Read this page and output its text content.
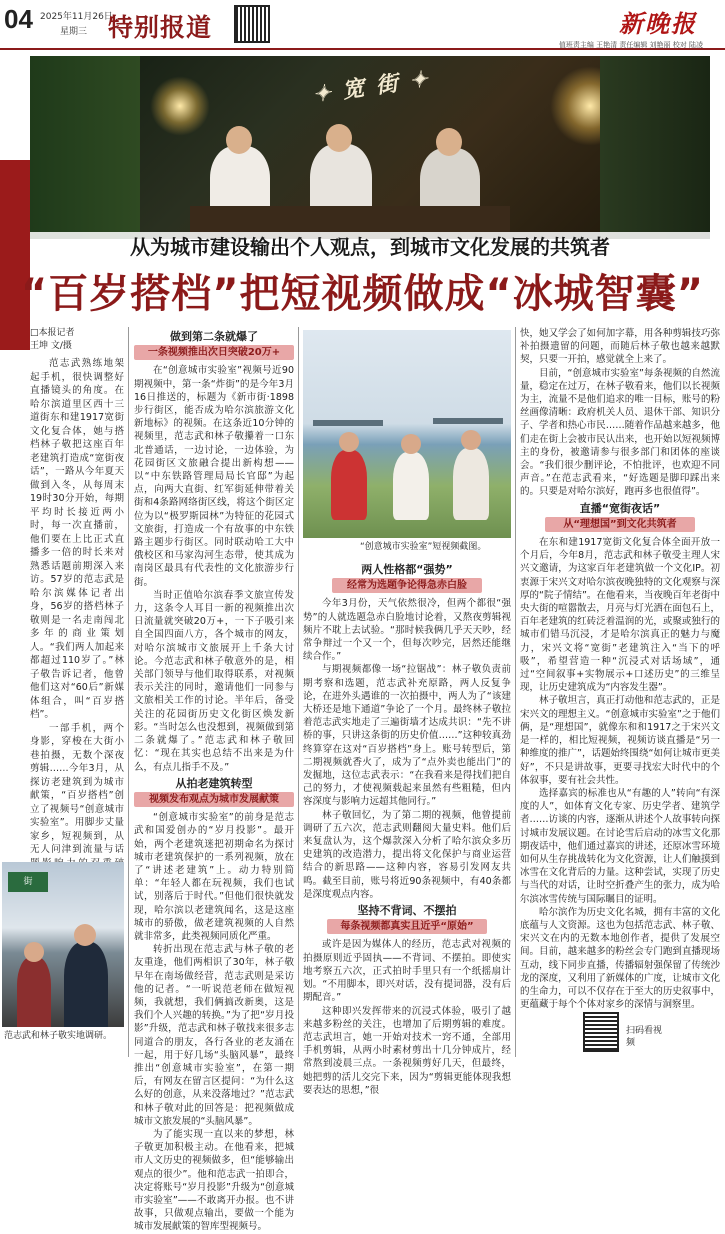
04 2025年11月26日
星期三 特别报道	新晚报
值班责主编 王艳清 责任编辑 刘艳丽 校对 陆凌
✦ 宽 街 ✦
从为城市建设输出个人观点，到城市文化发展的共筑者
“百岁搭档”把短视频做成“冰城智囊”
□本报记者
王坤 文/摄

范志武熟练地架起手机，很快调整好直播镜头的角度。在哈尔滨道里区西十三道街东和建1917宽街文化复合体，她与搭档林子敬把这座百年老建筑打造成“宽街夜话”，一路从今年夏天做到入冬，从每周末19时30分开始，每期平均时长接近两小时，每一次直播前，他们要在上比正式直播多一倍的时长来对熟悉话题前期深入来访。57岁的范志武是哈尔滨媒体记者出身，56岁的搭档林子敬则是一名走南闯北多年的商业策划人。“我们两人加起来都超过110岁了。”林子敬告诉记者，他曾他们这对“60后”新媒体组合，叫“百岁搭档”。

一部手机，两个身影，穿梭在大街小巷拍摄，无数个深夜剪辑……今年3月，从探访老建筑到为城市献策，“百岁搭档”创立了视频号“创意城市实验室”。用脚步丈量家乡，短视频到，从无人问津到流量与话

街
范志武和林子敬实地调研。
做到第二条就爆了
一条视频推出次日突破20万+

在“创意城市实验室”视频号近90期视频中，第一条“炸街”的是今年3月16日推送的，标题为《新市街·1898步行街区，能否成为哈尔滨旅游文化新地标》的视频。在这条近10分钟的视频里，范志武和林子敬攥着一口东北普通话，一边讨论，一边体验，为花园街区文旅融合提出新构想——以“中东铁路管理局局长官邸”为起点，向两大直街、红军街延伸带着关街和4条路网络街区线，将这个街区定位为以“极罗斯园林”为特征的花园式文旅街，打造成一个有故事的中东铁路主题步行街区。同时联动哈工大中俄校区和马家沟河生态带，使其成为南岗区最具有代表性的文化旅游步行街。

当时正值哈尔滨春季文旅宣传发力，这条令人耳目一新的视频推出次日流量就突破20万+，一下子吸引来自全国四面八方，各个城市的网友，对哈尔滨城市文旅展开上千条大讨论。今范志武和林子敬意外的是，相关部门领导与他们取得联系，对视频表示关注的同时，邀请他们一同参与文旅相关工作的讨论。半年后，备受关注的花园街历史文化街区焕发新彩。“当时怎么也没想到，视频做到第二条就爆了。”范志武和林子敬回忆：“现在其实也总结不出来是为什么，有点儿指手不及。”

从拍老建筑转型
视频发布观点为城市发展献策

“创意城市实验室”的前身是范志武和国爱创办的“岁月投影”。最开始，两个老建筑迷把初期命名为探讨城市老建筑保护的一系列视频，放在了“讲述老建筑”上。动力特别简单：“年轻人都在玩视频，我们也试试，别落后于时代。”但他们很快就发现，哈尔滨以老建筑闻名，这是这座城市的骄傲，做老建筑视频的人自然就非常多，此类视频同质化严重。

转折出现在范志武与林子敬的老友重逢，他们两相识了30年，林子敬早年在南场做经营，范志武则是采访他的记者。“一听说范老师在做短视频，我就想，我们俩搞改新奥，这是我们个人兴趣的转换。”为了把“岁月投影”升级，范志武和林子敬找来很多志同道合的朋友，各行各业的老友涌在一起，用于好几场“头脑风暴”，最终推出“创意城市实验室”，在第一期后，有网友在留言区提问：“为什么这么好的创意，从来没落地过？”范志武和林子敬对此的回答是：把视频做成城市文旅发展的“头脑风暴”。

为了能实现一直以来的梦想，林子敬更加积极主动。在他看来，把城市人文历史的视频做多，但“能够输出观点的很少”。他和范志武一拍即合，决定将账号“岁月投影”升级为“创意城市实验室”——不敢离开办报。也不讲故事，只做观点输出，要做一个能为城市发展献策的智库型视频号。

“创意城市实验室”短视频截图。
两人性格都“强势”
经常为选题争论得急赤白脸

今年3月份，天气依然很冷，但两个都很“强势”的人就选题急赤白脸地讨论着，又熬夜剪辑视频片不耽上去试验。“那时候我俩几乎天天吵，经常争辩过一个又一个，但每次吵完，居然还能继续合作。”

与期视频都像一场“拉锯战”：林子敬负责前期考察和选题，范志武补充原路，两人反复争论，在进外头遇谁的一次拍摄中，两人为了“该建大桥还是地下通道”争论了一个月。最终林子敬拉着范志武实地走了三遍街墙才达成共识：“先不讲桥的事，只讲这条街的历史价值……”这种较真劲终算穿在这对“百岁搭档”身上。账号转型后，第二期视频就香火了，成为了“点外卖也能出门”的发掘地，这位志武表示：“在我看来是得找们把自己的努力，才使视频载起来虽然有些粗糙，但内容深度与影响力远超其他同行。”

林子敬回忆，为了第二期的视频，他曾提前调研了五六次，范志武则翻阅大量史料。他们后来复盘认为，这个爆款深入分析了哈尔滨众多历史建筑的改造潜力，提出将文化保护与商业运营结合的新思路——这种内容，容易引发网友共鸣。截至目前，账号将近90条视频中，有40条都是深度观点内容。

坚持不背词、不摆拍
每条视频都真实且近乎“原始”

或许是因为媒体人的经历，范志武对视频的拍摄原则近乎固执——不背词、不摆拍。即使实地考察五六次，正式拍时手里只有一个纸摇扇计划。“不用脚本，即兴对话，没有提词器，没有后期配音。”

这种即兴发挥带来的沉浸式体验，吸引了越来越多粉丝的关注，也增加了后期剪辑的难度。范志武坦言，她一开始对技术一窍不通，全部用手机剪辑，从两小时素材剪出十几分钟成片，经常熬到凌晨三点。一条视频剪好几天，但最终，她把剪的活儿交完下来，因为“剪辑更能体现我想要表达的思想，”很

快，她又学会了如何加字幕，用各种剪辑技巧弥补拍摄遗留的问题，而随后林子敬也越来越默契，只要一开拍，感觉就全上来了。

目前，“创意城市实验室”每条视频的自然流量，稳定在过万，在林子敬看来，他们以长视频为主，流量不是他们追求的唯一目标，账号的粉丝画像清晰：政府机关人员、退休干部、知识分子、学者和热心市民……随着作品越来越多，他们走在街上会被市民认出来，也开始以短视频博主的身份，被邀请参与很多部门和团体的座谈会。“我们很少删评论，不怕批评，也欢迎不同声音。”在范志武看来，“好选题是脚印踩出来的。只要是对哈尔滨好，跑再多也很值得”。

直播“宽街夜话”
从“理想国”到文化共筑者

在东和建1917宽街文化复合体全面开放一个月后，今年8月，范志武和林子敬受主理人宋兴文邀请，为这家百年老建筑做一个文化IP。初衷源于宋兴文对哈尔滨夜晚独特的文化观察与深厚的“院子情结”。在他看来，当夜晚百年老街中央大街的喧嚣散去，月亮与灯光洒在面包石上，百年老建筑的红砖泛着温润的光，或聚或独行的城市们错马沉浸，才是哈尔滨真正的魅力与魔力，宋兴文将“宽街”老建筑注入“当下的呼吸”，希望营造一种“沉浸式对话场域”，通过“空间叙事+实物展示+口述历史”的三维呈现，让历史建筑成为“内容发生器”。

林子敬坦言，真正打动他和范志武的，正是宋兴文的理想主义。“创意城市实验室”之于他们俩，是“理想国”，就像东和和1917之于宋兴文是一样的，相比短视频，视频访谈直播是“另一种维度的推广”，话题始终围绕“如何让城市更美好”，不只是讲故事，更要寻找宏大时代中的个体叙事，要有社会共性。

选择嘉宾的标准也从“有趣的人”转向“有深度的人”，如体育文化专家、历史学者、建筑学者……访谈的内容，逐渐从讲述个人故事转向探讨城市发展议题。在讨论雪后启动的冰雪文化那期夜话中，他们通过嘉宾的讲述，还原冰雪环境如何从生存挑战转化为文化资源，让人们触摸到冰雪在文化背后的力量。这种尝试，实现了历史与当代的对话，让时空折叠产生的张力，成为哈尔滨冰雪传统与国际瞩目的证明。

哈尔滨作为历史文化名城，拥有丰富的文化底蕴与人文资源。这也为包括范志武、林子敬、宋兴文在内的无数本地创作者，提供了发展空间。目前，越来越多的粉丝会专门跑到直播现场互动，线下同步直播，传播辐射强保留了传统沙龙的深度，又利用了新媒体的广度，让城市文化的生命力，可以不仅存在于至大的历史叙事中，更蕴藏于每个个体对家乡的深情与洞察里。

扫码看视频
